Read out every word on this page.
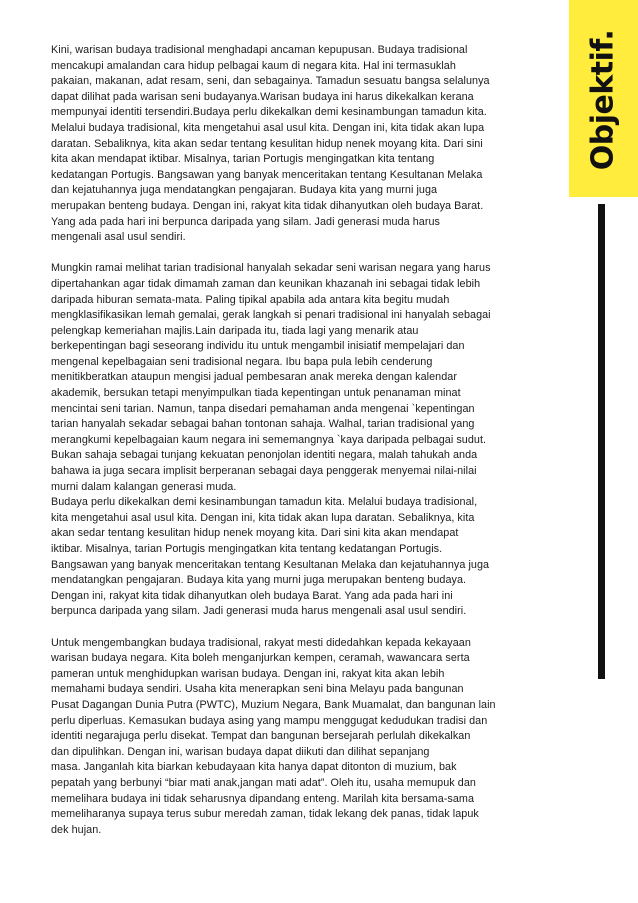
Objektif.

Kini, warisan budaya tradisional menghadapi ancaman kepupusan. Budaya tradisional
mencakupi amalandan cara hidup pelbagai kaum di negara kita. Hal ini termasuklah
pakaian, makanan, adat resam, seni, dan sebagainya. Tamadun sesuatu bangsa selalunya
dapat dilihat pada warisan seni budayanya.Warisan budaya ini harus dikekalkan kerana
mempunyai identiti tersendiri.Budaya perlu dikekalkan demi kesinambungan tamadun kita.
Melalui budaya tradisional, kita mengetahui asal usul kita. Dengan ini, kita tidak akan lupa
daratan. Sebaliknya, kita akan sedar tentang kesulitan hidup nenek moyang kita. Dari sini
kita akan mendapat iktibar. Misalnya, tarian Portugis mengingatkan kita tentang
kedatangan Portugis. Bangsawan yang banyak menceritakan tentang Kesultanan Melaka
dan kejatuhannya juga mendatangkan pengajaran. Budaya kita yang murni juga
merupakan benteng budaya. Dengan ini, rakyat kita tidak dihanyutkan oleh budaya Barat.
Yang ada pada hari ini berpunca daripada yang silam. Jadi generasi muda harus
mengenali asal usul sendiri.

Mungkin ramai melihat tarian tradisional hanyalah sekadar seni warisan negara yang harus
dipertahankan agar tidak dimamah zaman dan keunikan khazanah ini sebagai tidak lebih
daripada hiburan semata-mata. Paling tipikal apabila ada antara kita begitu mudah
mengklasifikasikan lemah gemalai, gerak langkah si penari tradisional ini hanyalah sebagai
pelengkap kemeriahan majlis.Lain daripada itu, tiada lagi yang menarik atau
berkepentingan bagi seseorang individu itu untuk mengambil inisiatif mempelajari dan
mengenal kepelbagaian seni tradisional negara. Ibu bapa pula lebih cenderung
menitikberatkan ataupun mengisi jadual pembesaran anak mereka dengan kalendar
akademik, bersukan tetapi menyimpulkan tiada kepentingan untuk penanaman minat
mencintai seni tarian. Namun, tanpa disedari pemahaman anda mengenai `kepentingan
tarian hanyalah sekadar sebagai bahan tontonan sahaja. Walhal, tarian tradisional yang
merangkumi kepelbagaian kaum negara ini sememangnya `kaya daripada pelbagai sudut.
Bukan sahaja sebagai tunjang kekuatan penonjolan identiti negara, malah tahukah anda
bahawa ia juga secara implisit berperanan sebagai daya penggerak menyemai nilai-nilai
murni dalam kalangan generasi muda.

Budaya perlu dikekalkan demi kesinambungan tamadun kita. Melalui budaya tradisional,
kita mengetahui asal usul kita. Dengan ini, kita tidak akan lupa daratan. Sebaliknya, kita
akan sedar tentang kesulitan hidup nenek moyang kita. Dari sini kita akan mendapat
iktibar. Misalnya, tarian Portugis mengingatkan kita tentang kedatangan Portugis.
Bangsawan yang banyak menceritakan tentang Kesultanan Melaka dan kejatuhannya juga
mendatangkan pengajaran. Budaya kita yang murni juga merupakan benteng budaya.
Dengan ini, rakyat kita tidak dihanyutkan oleh budaya Barat. Yang ada pada hari ini
berpunca daripada yang silam. Jadi generasi muda harus mengenali asal usul sendiri.

Untuk mengembangkan budaya tradisional, rakyat mesti didedahkan kepada kekayaan
warisan budaya negara. Kita boleh menganjurkan kempen, ceramah, wawancara serta
pameran untuk menghidupkan warisan budaya. Dengan ini, rakyat kita akan lebih
memahami budaya sendiri. Usaha kita menerapkan seni bina Melayu pada bangunan
Pusat Dagangan Dunia Putra (PWTC), Muzium Negara, Bank Muamalat, dan bangunan lain
perlu diperluas. Kemasukan budaya asing yang mampu menggugat kedudukan tradisi dan
identiti negarajuga perlu disekat. Tempat dan bangunan bersejarah perlulah dikekalkan
dan dipulihkan. Dengan ini, warisan budaya dapat diikuti dan dilihat sepanjang
masa. Janganlah kita biarkan kebudayaan kita hanya dapat ditonton di muzium, bak
pepatah yang berbunyi “biar mati anak,jangan mati adat”. Oleh itu, usaha memupuk dan
memelihara budaya ini tidak seharusnya dipandang enteng. Marilah kita bersama-sama
memeliharanya supaya terus subur meredah zaman, tidak lekang dek panas, tidak lapuk
dek hujan.
